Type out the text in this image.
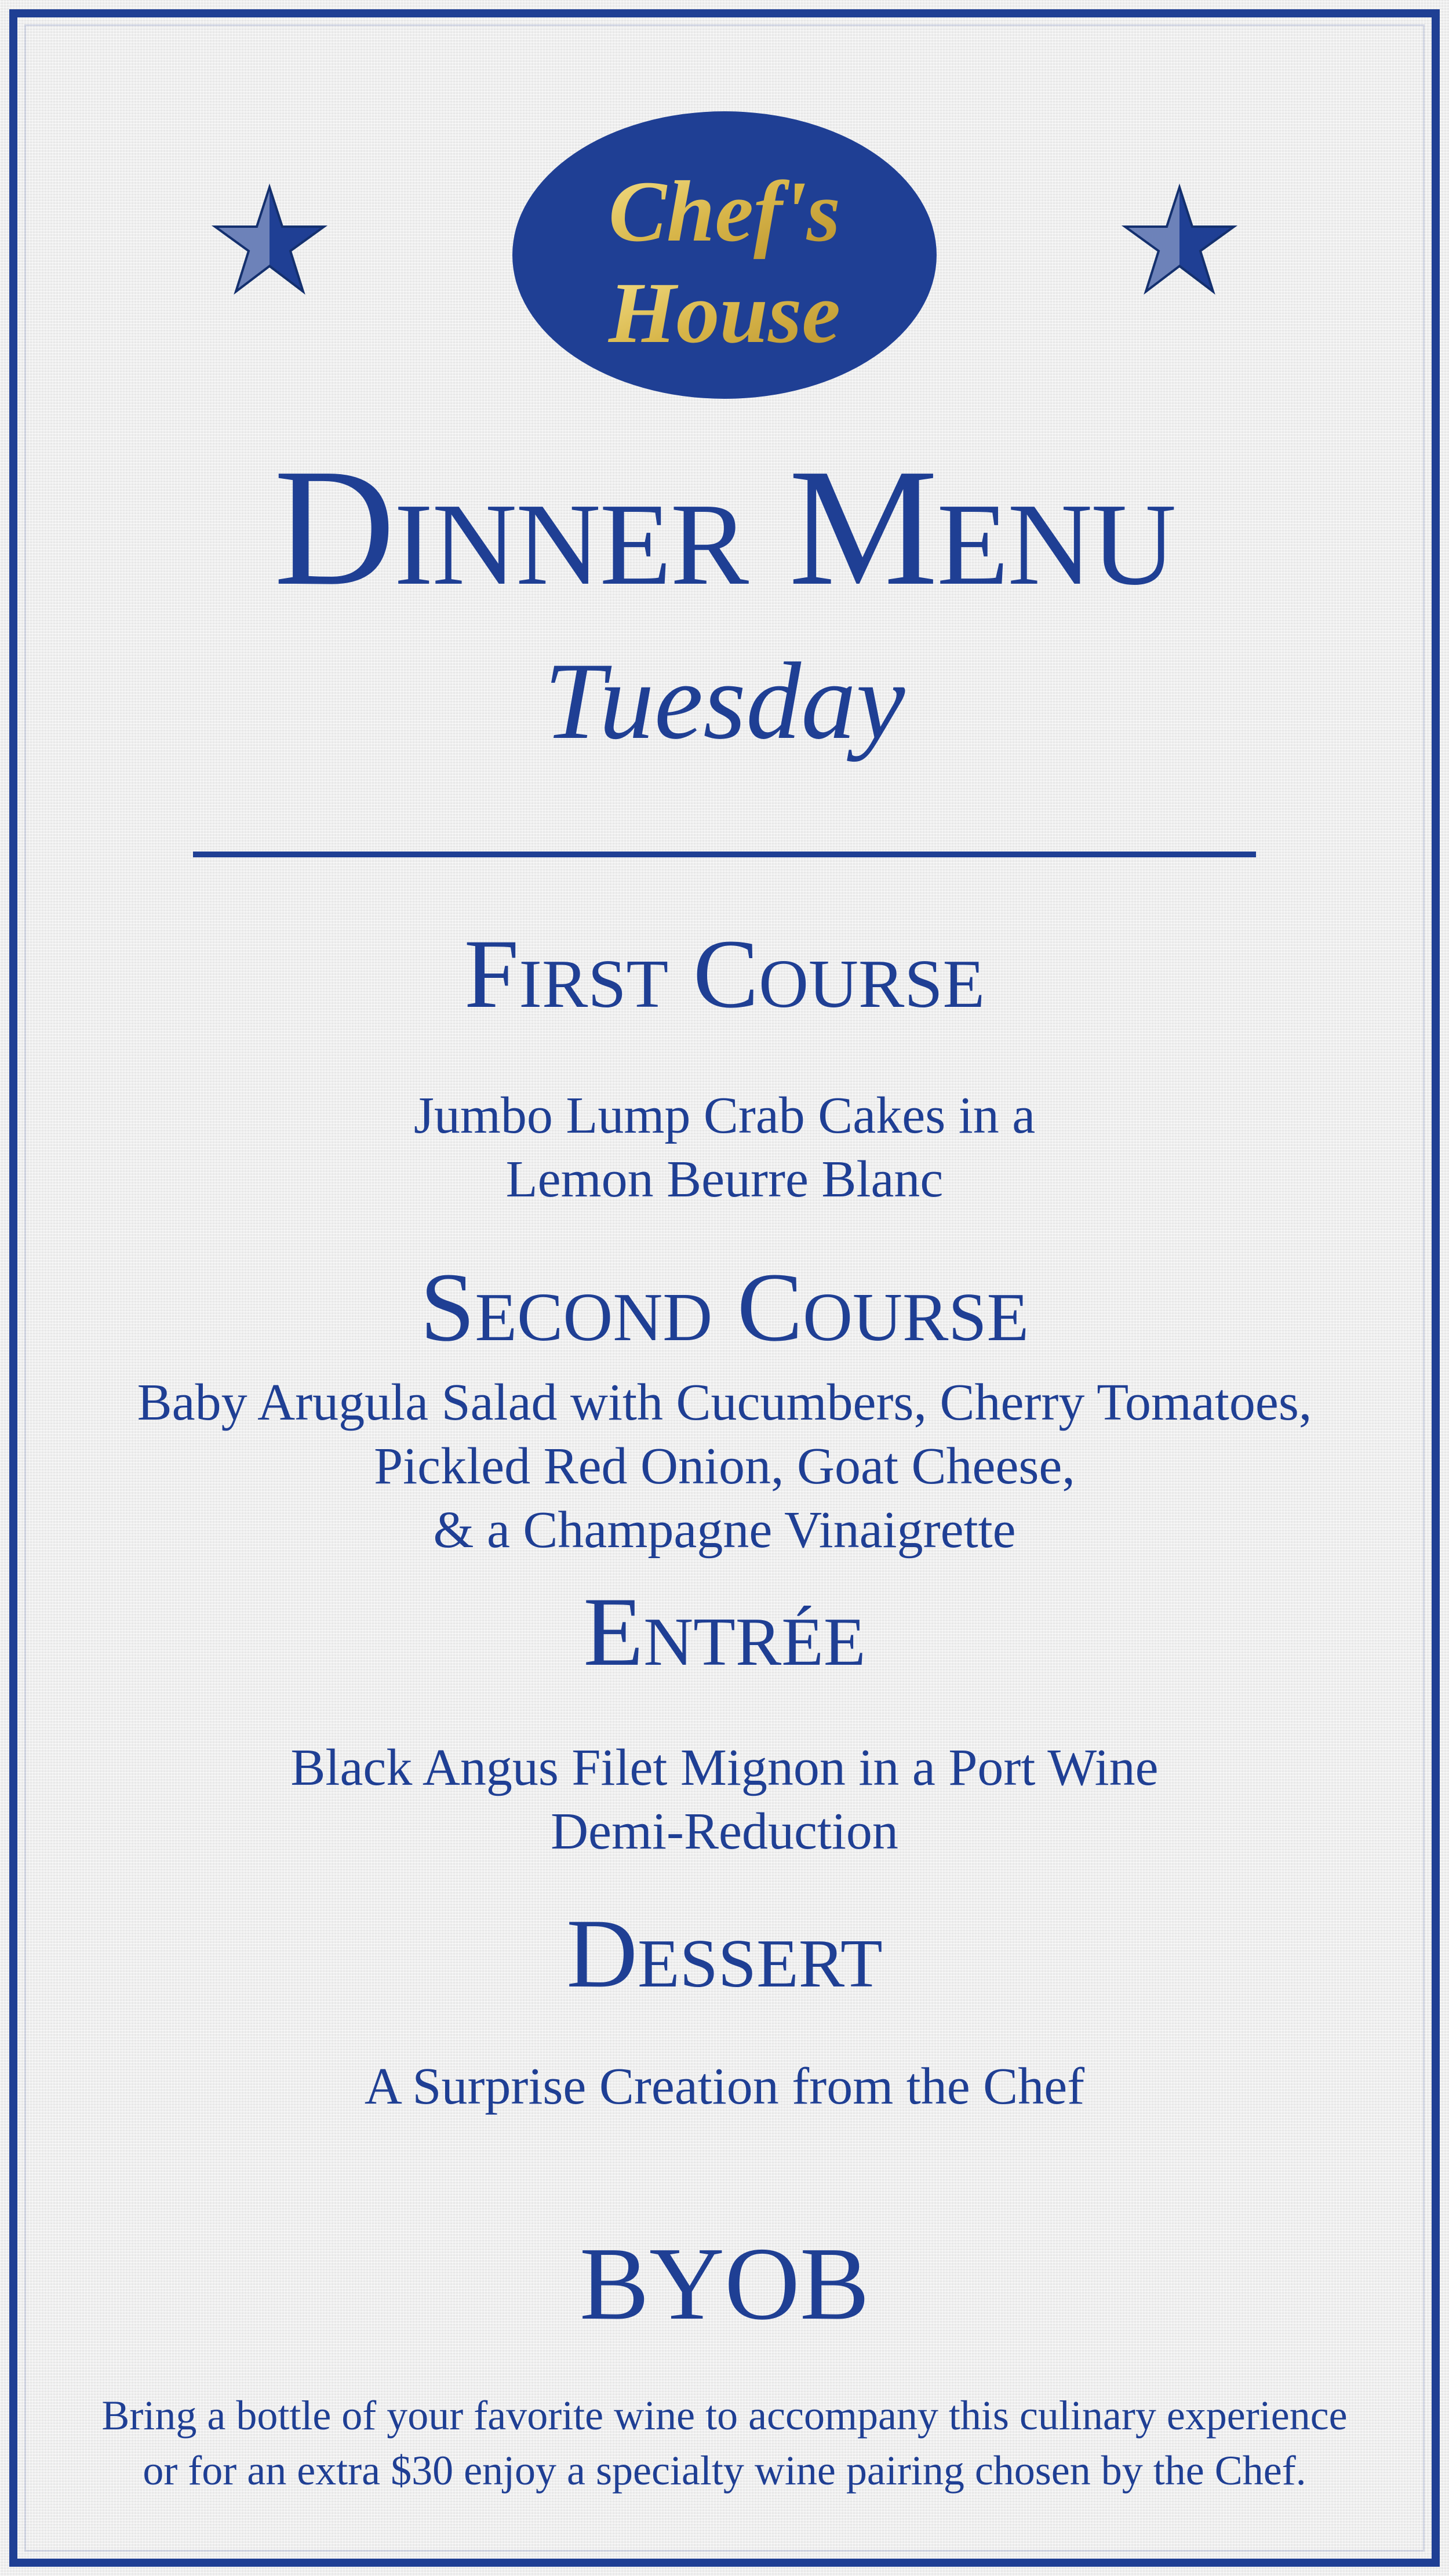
Chef's
House
Dinner Menu
Tuesday
First Course
Jumbo Lump Crab Cakes in a
Lemon Beurre Blanc
Second Course
Baby Arugula Salad with Cucumbers, Cherry Tomatoes,
Pickled Red Onion, Goat Cheese,
& a Champagne Vinaigrette
Entrée
Black Angus Filet Mignon in a Port Wine
Demi-Reduction
Dessert
A Surprise Creation from the Chef
BYOB
Bring a bottle of your favorite wine to accompany this culinary experience
or for an extra $30 enjoy a specialty wine pairing chosen by the Chef.
